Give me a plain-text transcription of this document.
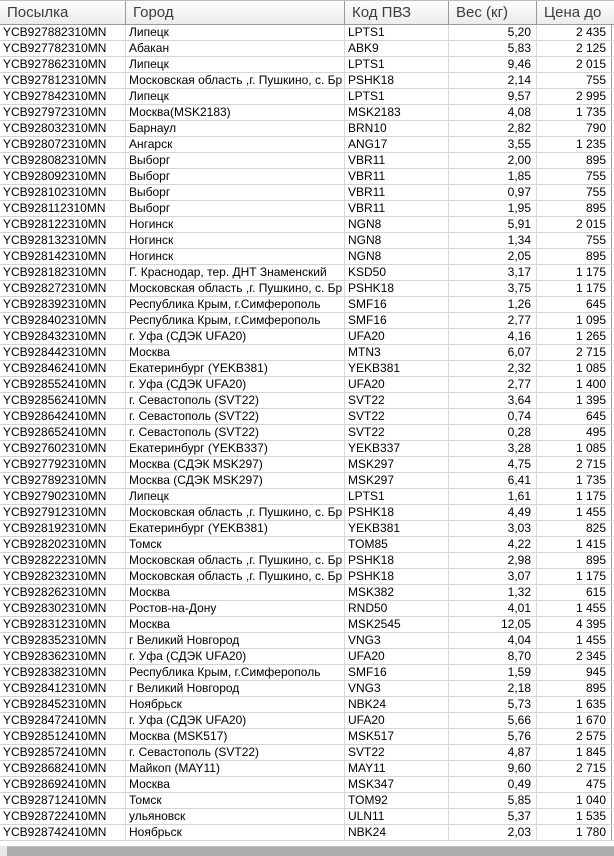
Посылка	Город	Код ПВЗ	Вес (кг)	Цена до
YCB927882310MN	Липецк	LPTS1	5,20	2 435
YCB927782310MN	Абакан	ABK9	5,83	2 125
YCB927862310MN	Липецк	LPTS1	9,46	2 015
YCB927812310MN	Московская область ,г. Пушкино, с. Бр PSHK18	2,14	755
YCB927842310MN	Липецк	LPTS1	9,57	2 995
YCB927972310MN	Москва(MSK2183)	MSK2183	4,08	1 735
YCB928032310MN	Барнаул	BRN10	2,82	790
YCB928072310MN	Ангарск	ANG17	3,55	1 235
YCB928082310MN	Выборг	VBR11	2,00	895
YCB928092310MN	Выборг	VBR11	1,85	755
YCB928102310MN	Выборг	VBR11	0,97	755
YCB928112310MN	Выборг	VBR11	1,95	895
YCB928122310MN	Ногинск	NGN8	5,91	2 015
YCB928132310MN	Ногинск	NGN8	1,34	755
YCB928142310MN	Ногинск	NGN8	2,05	895
YCB928182310MN	Г. Краснодар, тер. ДНТ Знаменский	KSD50	3,17	1 175
YCB928272310MN	Московская область ,г. Пушкино, с. Бр PSHK18	3,75	1 175
YCB928392310MN	Республика Крым, г.Симферополь	SMF16	1,26	645
YCB928402310MN	Республика Крым, г.Симферополь	SMF16	2,77	1 095
YCB928432310MN	г. Уфа (СДЭК UFA20)	UFA20	4,16	1 265
YCB928442310MN	Москва	MTN3	6,07	2 715
YCB928462410MN	Екатеринбург (YEKB381)	YEKB381	2,32	1 085
YCB928552410MN	г. Уфа (СДЭК UFA20)	UFA20	2,77	1 400
YCB928562410MN	г. Севастополь (SVT22)	SVT22	3,64	1 395
YCB928642410MN	г. Севастополь (SVT22)	SVT22	0,74	645
YCB928652410MN	г. Севастополь (SVT22)	SVT22	0,28	495
YCB927602310MN	Екатеринбург (YEKB337)	YEKB337	3,28	1 085
YCB927792310MN	Москва (СДЭК MSK297)	MSK297	4,75	2 715
YCB927892310MN	Москва (СДЭК MSK297)	MSK297	6,41	1 735
YCB927902310MN	Липецк	LPTS1	1,61	1 175
YCB927912310MN	Московская область ,г. Пушкино, с. Бр PSHK18	4,49	1 455
YCB928192310MN	Екатеринбург (YEKB381)	YEKB381	3,03	825
YCB928202310MN	Томск	TOM85	4,22	1 415
YCB928222310MN	Московская область ,г. Пушкино, с. Бр PSHK18	2,98	895
YCB928232310MN	Московская область ,г. Пушкино, с. Бр PSHK18	3,07	1 175
YCB928262310MN	Москва	MSK382	1,32	615
YCB928302310MN	Ростов-на-Дону	RND50	4,01	1 455
YCB928312310MN	Москва	MSK2545	12,05	4 395
YCB928352310MN	г Великий Новгород	VNG3	4,04	1 455
YCB928362310MN	г. Уфа (СДЭК UFA20)	UFA20	8,70	2 345
YCB928382310MN	Республика Крым, г.Симферополь	SMF16	1,59	945
YCB928412310MN	г Великий Новгород	VNG3	2,18	895
YCB928452310MN	Ноябрьск	NBK24	5,73	1 635
YCB928472410MN	г. Уфа (СДЭК UFA20)	UFA20	5,66	1 670
YCB928512410MN	Москва (MSK517)	MSK517	5,76	2 575
YCB928572410MN	г. Севастополь (SVT22)	SVT22	4,87	1 845
YCB928682410MN	Майкоп (MAY11)	MAY11	9,60	2 715
YCB928692410MN	Москва	MSK347	0,49	475
YCB928712410MN	Томск	TOM92	5,85	1 040
YCB928722410MN	ульяновск	ULN11	5,37	1 535
YCB928742410MN	Ноябрьск	NBK24	2,03	1 780
